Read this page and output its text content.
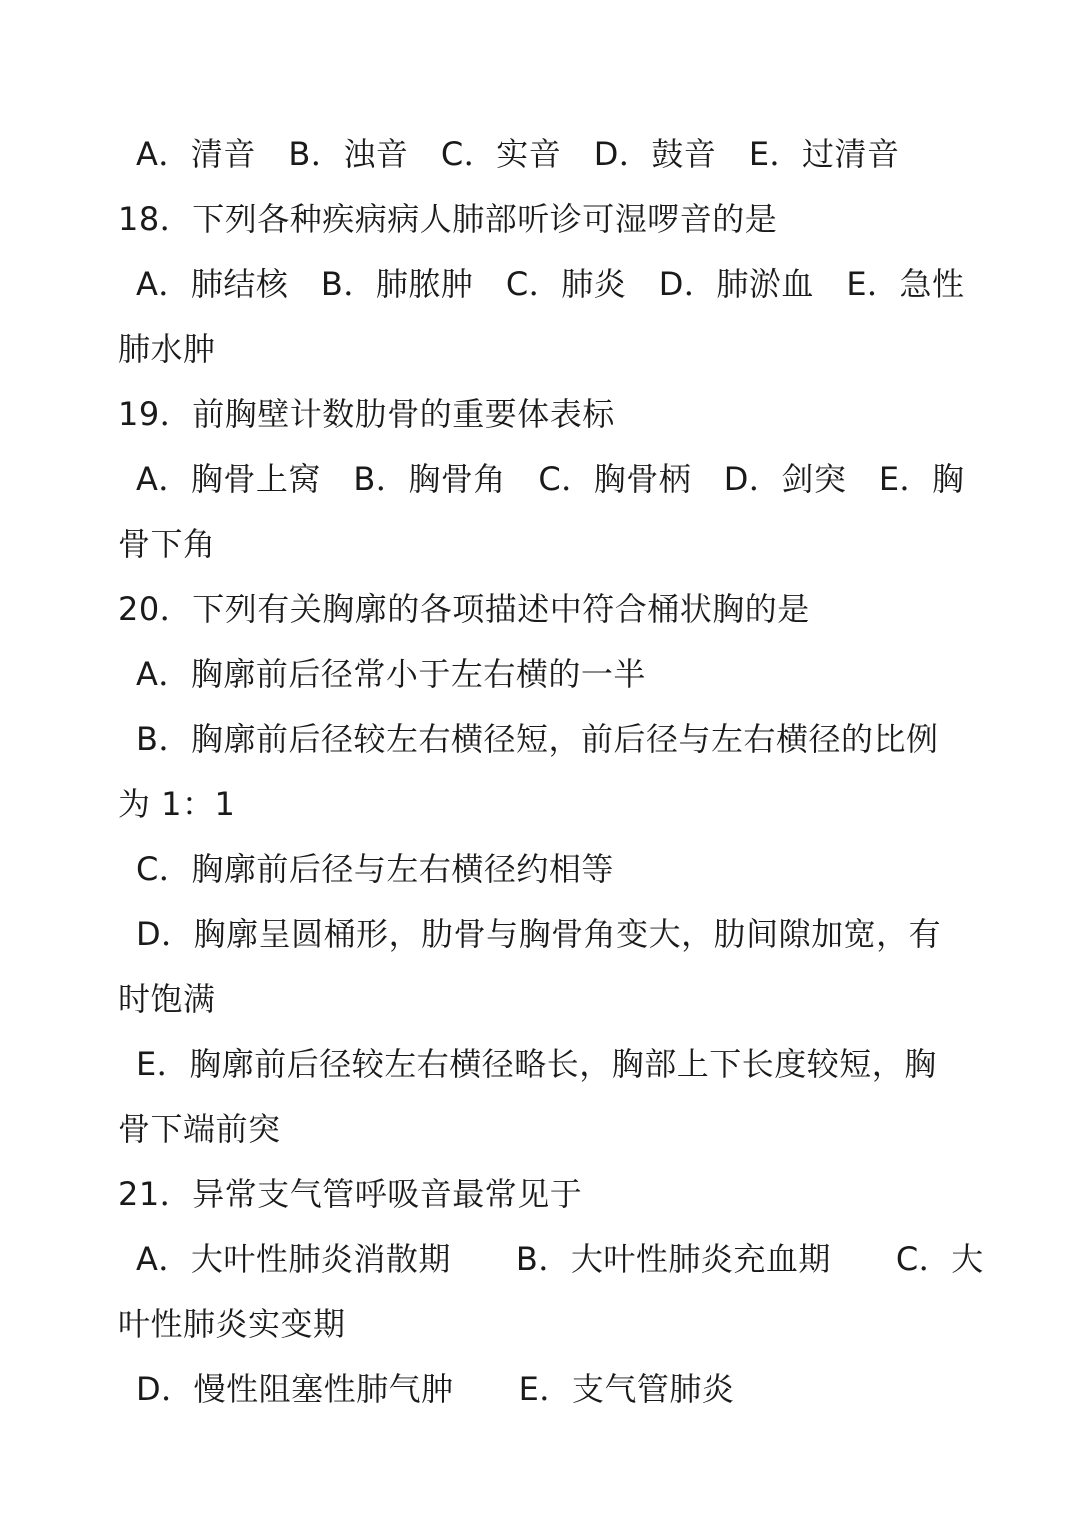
A．清音　B．浊音　C．实音　D．鼓音　E．过清音
18．下列各种疾病病人肺部听诊可湿啰音的是
A．肺结核　B．肺脓肿　C．肺炎　D．肺淤血　E．急性
肺水肿
19．前胸壁计数肋骨的重要体表标
A．胸骨上窝　B．胸骨角　C．胸骨柄　D．剑突　E．胸
骨下角
20．下列有关胸廓的各项描述中符合桶状胸的是
A．胸廓前后径常小于左右横的一半
B．胸廓前后径较左右横径短，前后径与左右横径的比例
为 1：1
C．胸廓前后径与左右横径约相等
D．胸廓呈圆桶形，肋骨与胸骨角变大，肋间隙加宽，有
时饱满
E．胸廓前后径较左右横径略长，胸部上下长度较短，胸
骨下端前突
21．异常支气管呼吸音最常见于
A．大叶性肺炎消散期　　B．大叶性肺炎充血期　　C．大
叶性肺炎实变期
D．慢性阻塞性肺气肿　　E．支气管肺炎
